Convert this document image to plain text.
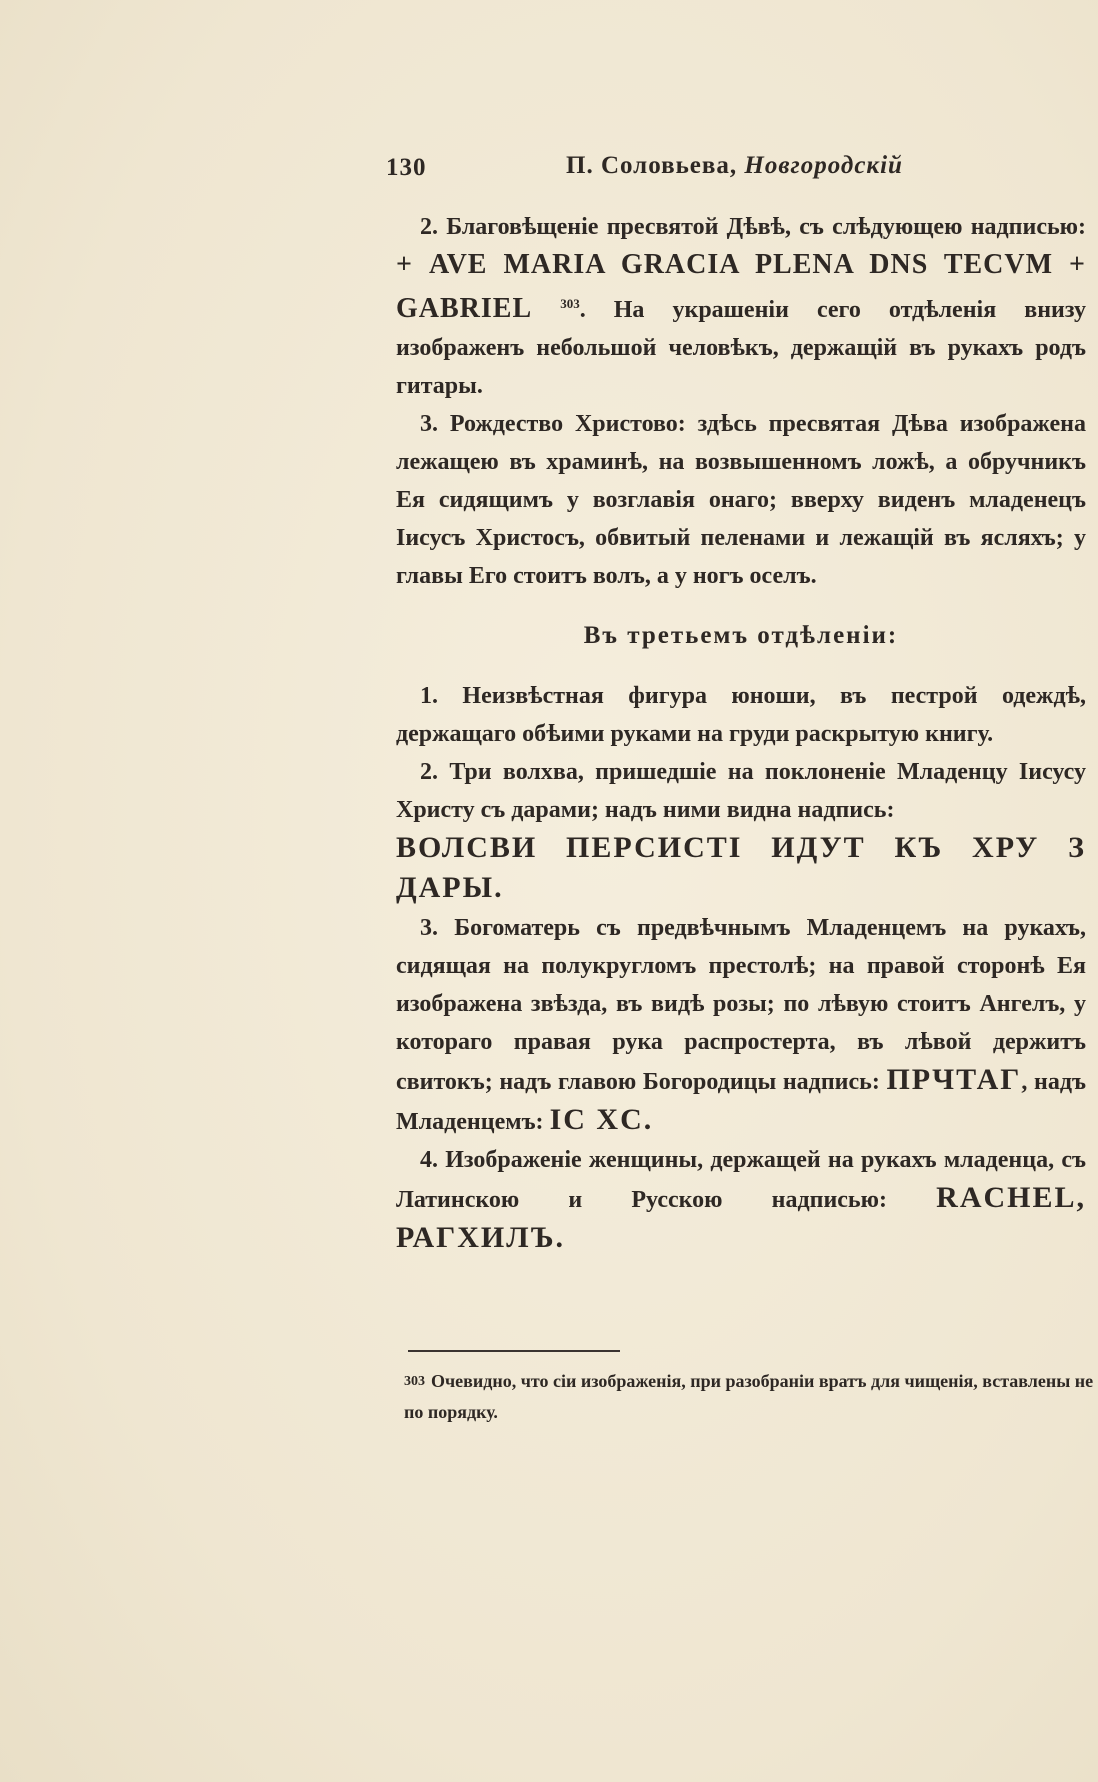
130	П. Соловьева, Новгородскій

2. Благовѣщеніе пресвятой Дѣвѣ, съ слѣдующею надписью: + AVE MARIA GRACIA PLENA DNS TECVM + GABRIEL $^{303}$. На украшеніи сего отдѣленія внизу изображенъ небольшой человѣкъ, держащій въ рукахъ родъ гитары.

3. Рождество Христово: здѣсь пресвятая Дѣва изображена лежащею въ храминѣ, на возвышенномъ ложѣ, а обручникъ Ея сидящимъ у возглавія онаго; вверху виденъ младенецъ Іисусъ Христосъ, обвитый пеленами и лежащій въ ясляхъ; у главы Его стоитъ волъ, а у ногъ оселъ.

Въ третьемъ отдѣленіи:

1. Неизвѣстная фигура юноши, въ пестрой одеждѣ, держащаго обѣими руками на груди раскрытую книгу.

2. Три волхва, пришедшіе на поклоненіе Младенцу Іисусу Христу съ дарами; надъ ними видна надпись:
ВОЛСВИ ПЕРСИСТІ ИДУТ КЪ ХРУ З ДАРЫ.

3. Богоматерь съ предвѣчнымъ Младенцемъ на рукахъ, сидящая на полукругломъ престолѣ; на правой сторонѣ Ея изображена звѣзда, въ видѣ розы; по лѣвую стоитъ Ангелъ, у котораго правая рука распростерта, въ лѣвой держитъ свитокъ; надъ главою Богородицы надпись: ПРЧТАГ, надъ Младенцемъ: IC XC.

4. Изображеніе женщины, держащей на рукахъ младенца, съ Латинскою и Русскою надписью: RACHEL, РАГХИЛЪ.

303 Очевидно, что сіи изображенія, при разобраніи вратъ для чищенія, вставлены не по порядку.
